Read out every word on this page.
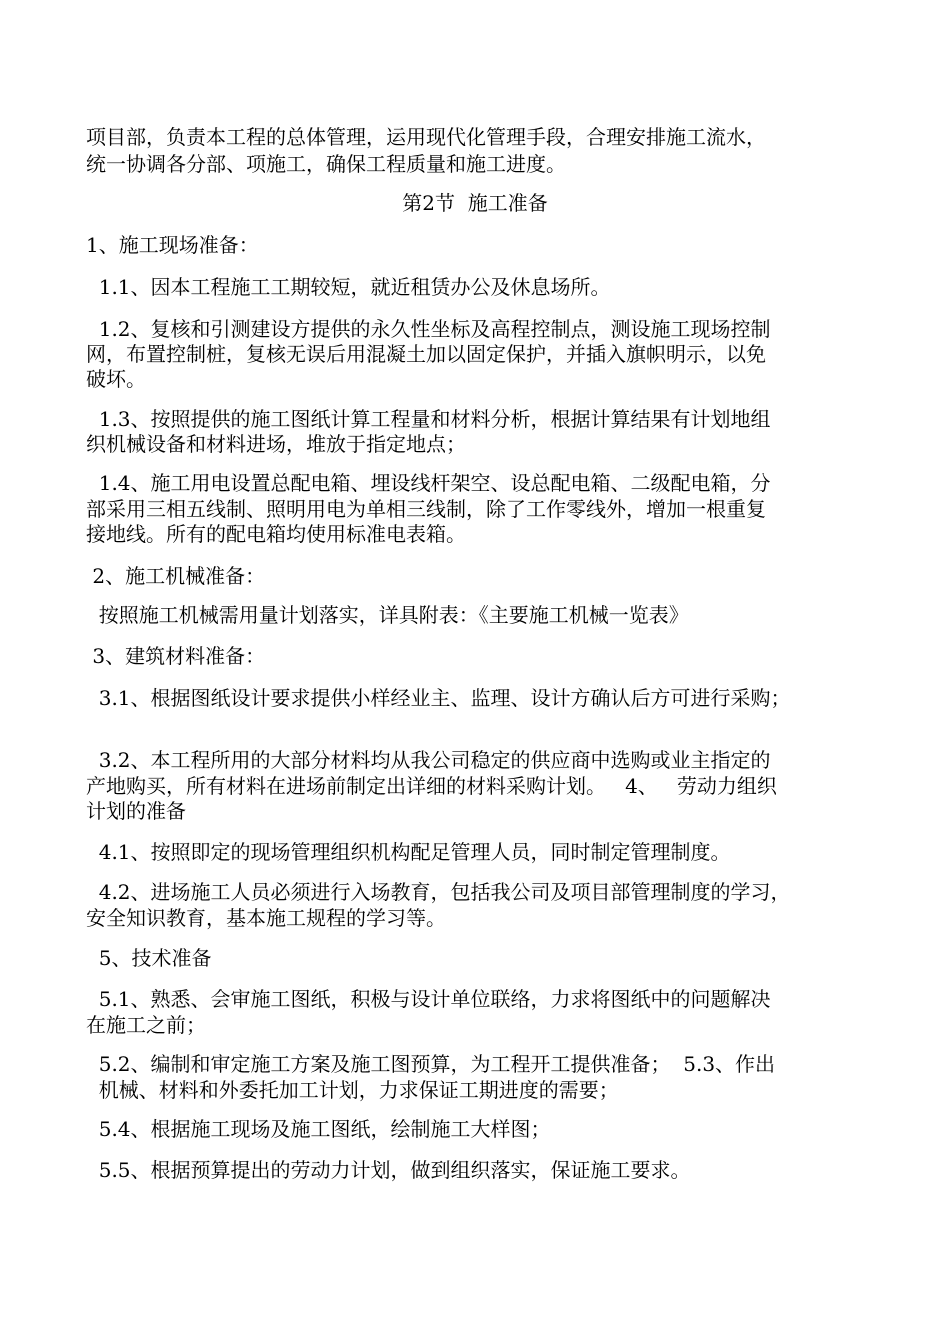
项目部，负责本工程的总体管理，运用现代化管理手段，合理安排施工流水，
统一协调各分部、项施工，确保工程质量和施工进度。
第2节  施工准备
1、施工现场准备：
1.1、因本工程施工工期较短，就近租赁办公及休息场所。
1.2、复核和引测建设方提供的永久性坐标及高程控制点，测设施工现场控制
网，布置控制桩，复核无误后用混凝土加以固定保护，并插入旗帜明示，以免
破坏。
1.3、按照提供的施工图纸计算工程量和材料分析，根据计算结果有计划地组
织机械设备和材料进场，堆放于指定地点；
1.4、施工用电设置总配电箱、埋设线杆架空、设总配电箱、二级配电箱，分
部采用三相五线制、照明用电为单相三线制，除了工作零线外，增加一根重复
接地线。所有的配电箱均使用标准电表箱。
2、施工机械准备：
按照施工机械需用量计划落实，详具附表：《主要施工机械一览表》
3、建筑材料准备：
3.1、根据图纸设计要求提供小样经业主、监理、设计方确认后方可进行采购；
3.2、本工程所用的大部分材料均从我公司稳定的供应商中选购或业主指定的
产地购买，所有材料在进场前制定出详细的材料采购计划。   4、   劳动力组织
计划的准备
4.1、按照即定的现场管理组织机构配足管理人员，同时制定管理制度。
4.2、进场施工人员必须进行入场教育，包括我公司及项目部管理制度的学习，
安全知识教育，基本施工规程的学习等。
5、技术准备
5.1、熟悉、会审施工图纸，积极与设计单位联络，力求将图纸中的问题解决
在施工之前；
5.2、编制和审定施工方案及施工图预算，为工程开工提供准备；  5.3、作出
机械、材料和外委托加工计划，力求保证工期进度的需要；
5.4、根据施工现场及施工图纸，绘制施工大样图；
5.5、根据预算提出的劳动力计划，做到组织落实，保证施工要求。
